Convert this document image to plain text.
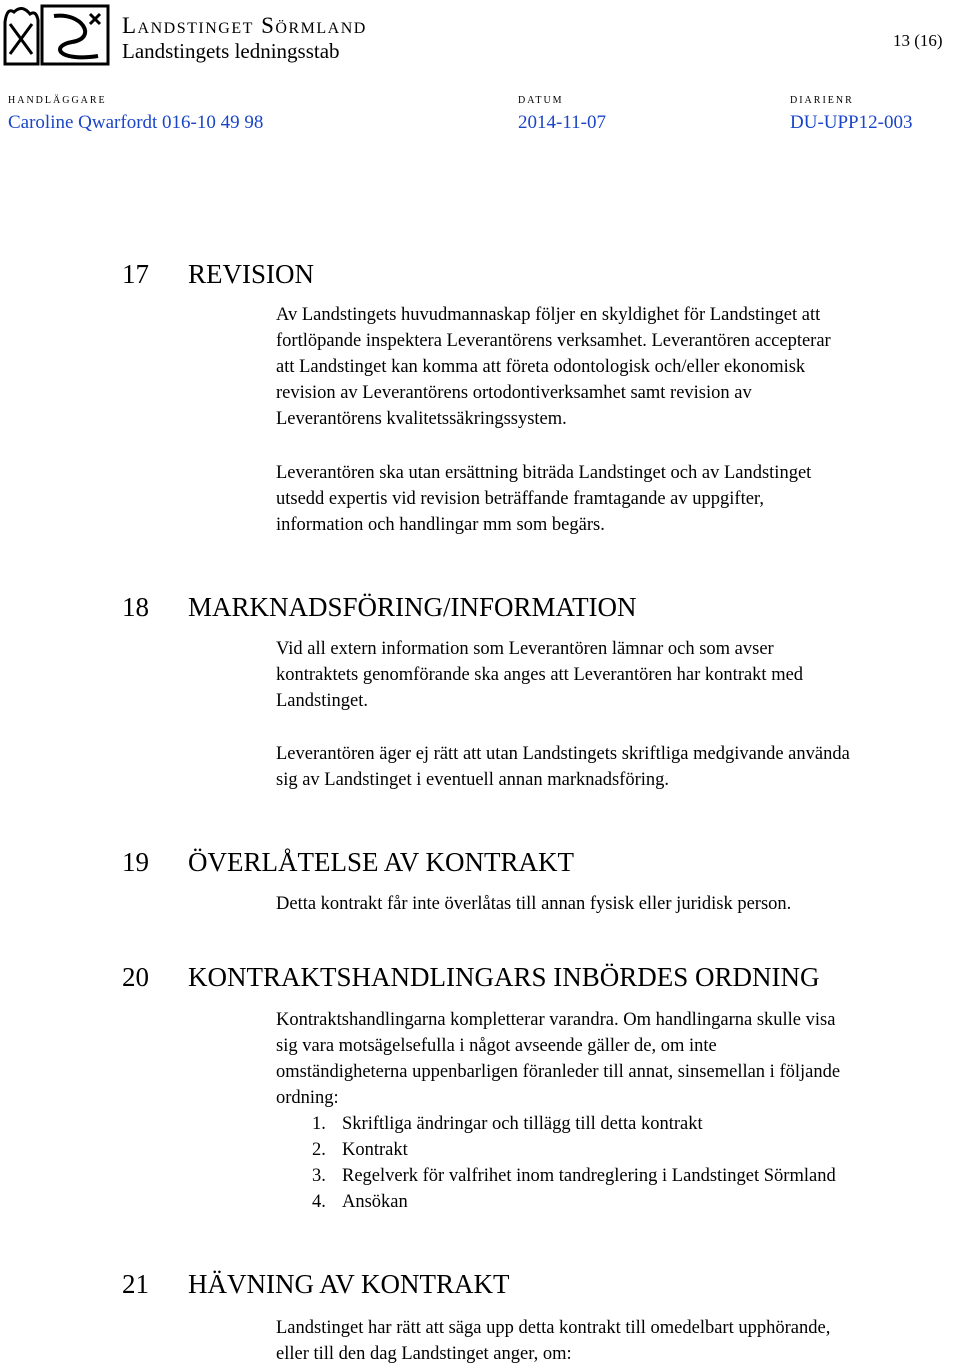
Landstinget Sörmland
Landstingets ledningsstab	13 (16)
HANDLÄGGARE
Caroline Qwarfordt 016-10 49 98
DATUM
2014-11-07
DIARIENR
DU-UPP12-003
17 REVISION
Av Landstingets huvudmannaskap följer en skyldighet för Landstinget att
fortlöpande inspektera Leverantörens verksamhet. Leverantören accepterar
att Landstinget kan komma att företa odontologisk och/eller ekonomisk
revision av Leverantörens ortodontiverksamhet samt revision av
Leverantörens kvalitetssäkringssystem.
Leverantören ska utan ersättning biträda Landstinget och av Landstinget
utsedd expertis vid revision beträffande framtagande av uppgifter,
information och handlingar mm som begärs.
18 MARKNADSFÖRING/INFORMATION
Vid all extern information som Leverantören lämnar och som avser
kontraktets genomförande ska anges att Leverantören har kontrakt med
Landstinget.
Leverantören äger ej rätt att utan Landstingets skriftliga medgivande använda
sig av Landstinget i eventuell annan marknadsföring.
19 ÖVERLÅTELSE AV KONTRAKT
Detta kontrakt får inte överlåtas till annan fysisk eller juridisk person.
20 KONTRAKTSHANDLINGARS INBÖRDES ORDNING
Kontraktshandlingarna kompletterar varandra. Om handlingarna skulle visa
sig vara motsägelsefulla i något avseende gäller de, om inte
omständigheterna uppenbarligen föranleder till annat, sinsemellan i följande
ordning:
1. Skriftliga ändringar och tillägg till detta kontrakt
2. Kontrakt
3. Regelverk för valfrihet inom tandreglering i Landstinget Sörmland
4. Ansökan
21 HÄVNING AV KONTRAKT
Landstinget har rätt att säga upp detta kontrakt till omedelbart upphörande,
eller till den dag Landstinget anger, om:
